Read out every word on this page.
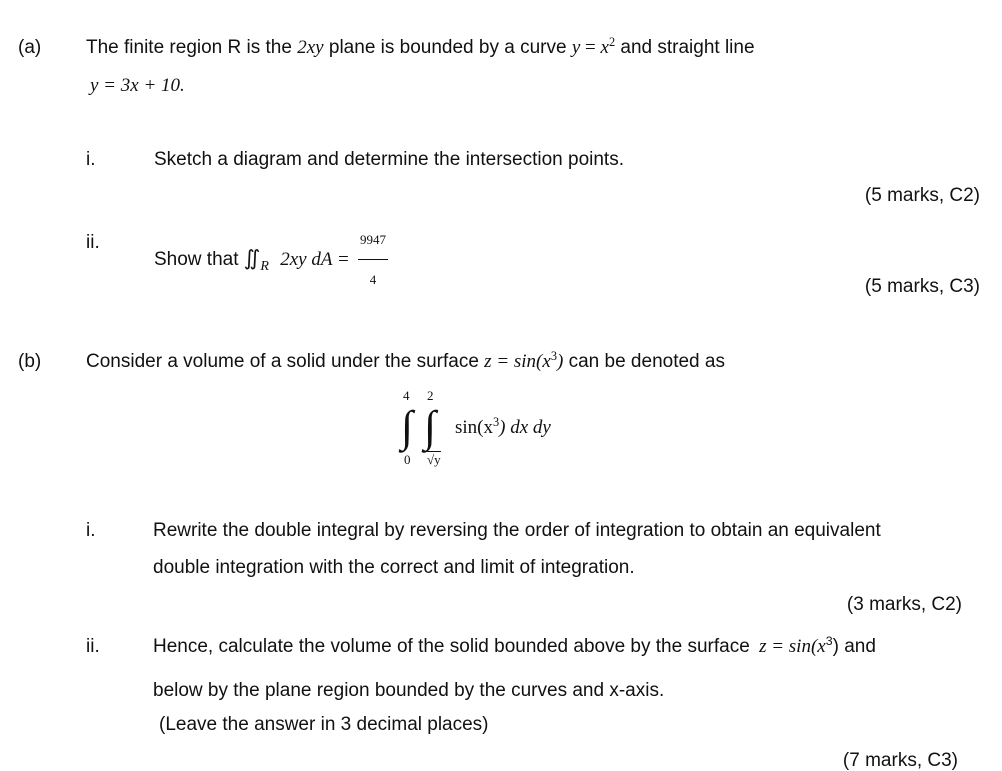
(a) The finite region R is the 2xy plane is bounded by a curve $y = x^2$ and straight line
y = 3x + 10.
i.	Sketch a diagram and determine the intersection points.
(5 marks, C2)
ii.
Show that $∬_R$ 2xy dA = $\frac{9947}{4}$	(5 marks, C3)
(b) Consider a volume of a solid under the surface $z = \sin(x^3)$ can be denoted as
4 2
∫ ∫
0 √y
$\sin(x^3)$ dx dy
i.	Rewrite the double integral by reversing the order of integration to obtain an equivalent
double integration with the correct and limit of integration.
(3 marks, C2)
ii.	Hence, calculate the volume of the solid bounded above by the surface $z = \sin(x^3)$ and
below by the plane region bounded by the curves and x-axis.
(Leave the answer in 3 decimal places)
(7 marks, C3)
